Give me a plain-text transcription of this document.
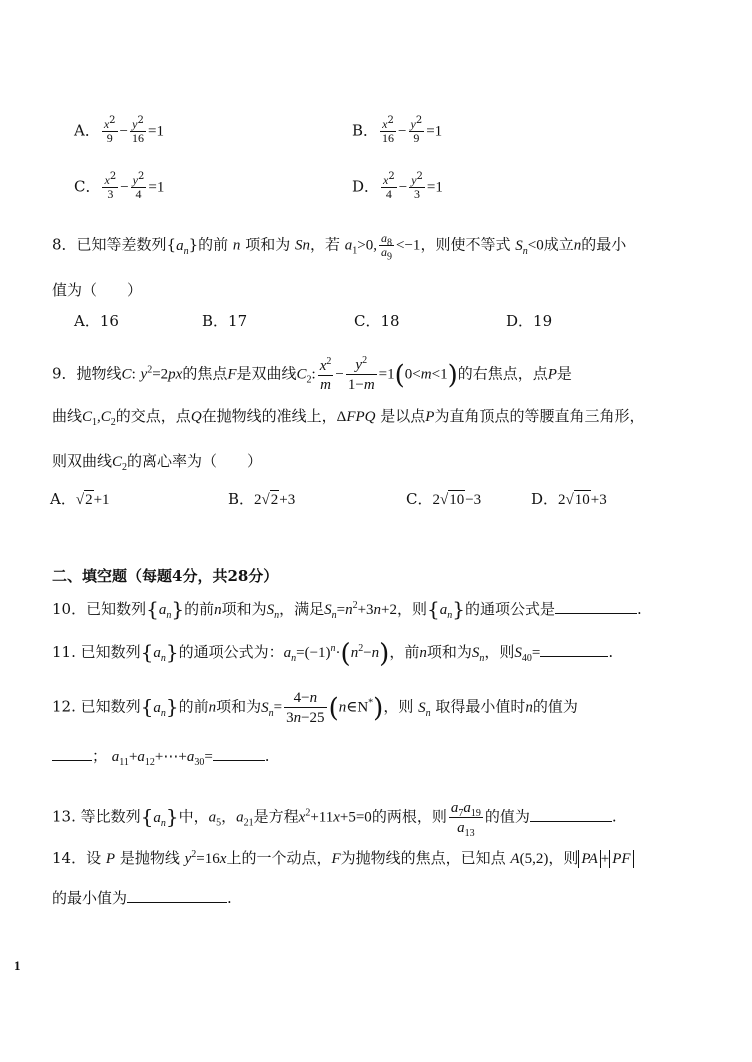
A． $\frac{x^2}{9} - \frac{y^2}{16} =1$	B． $\frac{x^2}{16} - \frac{y^2}{9} =1$
C． $\frac{x^2}{3} - \frac{y^2}{4} =1$	D． $\frac{x^2}{4} - \frac{y^2}{3} =1$
8．已知等差数列$\{a_n\}$的前 n 项和为 Sn，若 $a_1>0$, $\frac{a_8}{a_9} <-1$，则使不等式 $S_n<0$成立n的最小
值为（　　）
A．16	B．17	C．18	D．19
9．抛物线C: $y^2=2px$的焦点F是双曲线$C_2$: $\frac{x^2}{m} - \frac{y^2}{1-m} =1(0<m<1)$的右焦点，点P是
曲线$C_1,C_2$的交点，点Q在抛物线的准线上，ΔFPQ 是以点P为直角顶点的等腰直角三角形，
则双曲线$C_2$的离心率为（　　）
A．√2+1	B．2√2+3	C．2√10−3	D．2√10+3
二、填空题（每题4分，共28分）
10．已知数列$\{a_n\}$的前n项和为$S_n$，满足$S_n=n^2+3n+2$，则$\{a_n\}$的通项公式是	.
11. 已知数列$\{a_n\}$的通项公式为：$a_n=(-1)^n\cdot(n^2-n)$，前n项和为$S_n$，则$S_{40}=$	.
12. 已知数列$\{a_n\}$的前n项和为$S_n= \frac{4-n}{3n-25}$ (n∈N*)，则 $S_n$ 取得最小值时n的值为
； $a_{11}+a_{12}+\cdots+a_{30}=$	.
13. 等比数列$\{a_n\}$中，$a_5$，$a_{21}$是方程$x^2+11x+5=0$的两根，则 $\frac{a_7a_{19}}{a_{13}}$ 的值为	.
14．设 P 是抛物线 $y^2=16x$上的一个动点，F为抛物线的焦点，已知点 A(5,2)，则 PA + PF
的最小值为	.
1
